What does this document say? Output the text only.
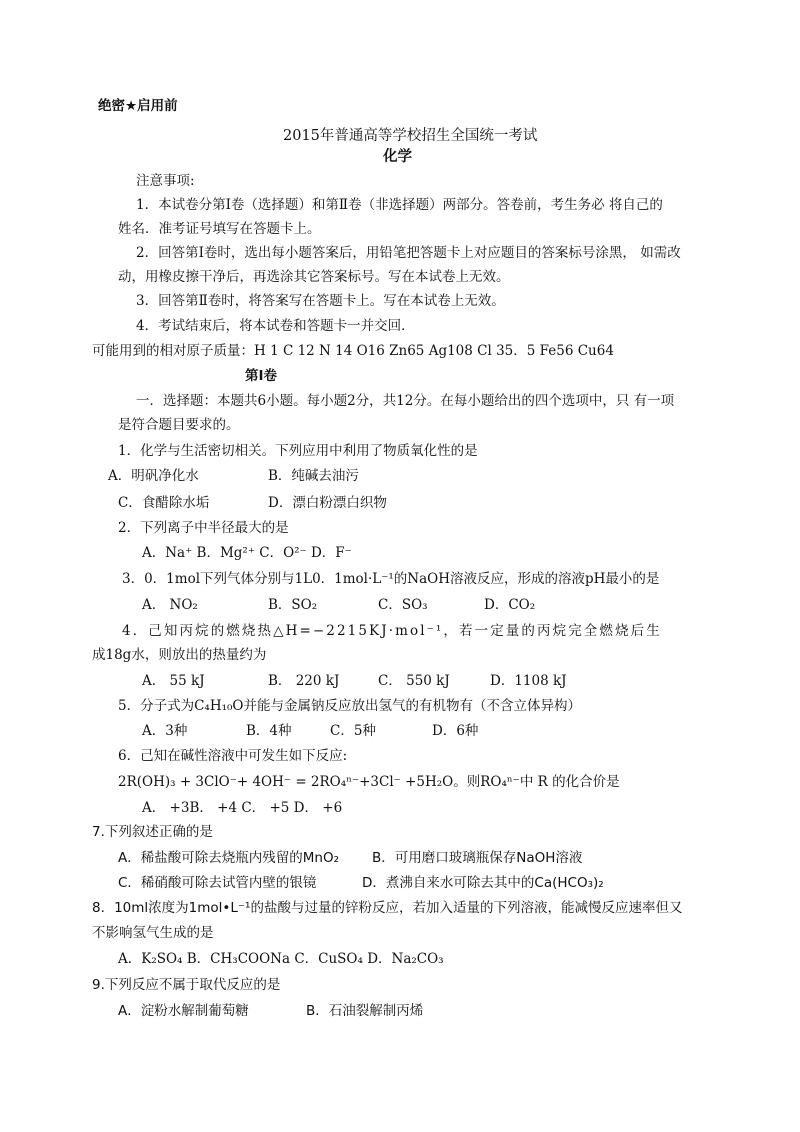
绝密★启用前
2015年普通高等学校招生全国统一考试
化学
注意事项:
1．本试卷分第Ⅰ卷（选择题）和第Ⅱ卷（非选择题）两部分。答卷前，考生务必 将自己的
姓名．准考证号填写在答题卡上。
2．回答第Ⅰ卷时，选出每小题答案后，用铅笔把答题卡上对应题目的答案标号涂黑， 如需改
动，用橡皮擦干净后，再选涂其它答案标号。写在本试卷上无效。
3．回答第Ⅱ卷时，将答案写在答题卡上。写在本试卷上无效。
4．考试结束后，将本试卷和答题卡一并交回．
可能用到的相对原子质量：H 1 C 12 N 14 O16 Zn65 Ag108 Cl 35．5 Fe56 Cu64
第Ⅰ卷
一．选择题：本题共6小题。每小题2分，共12分。在每小题给出的四个选项中，只 有一项
是符合题目要求的。
1．化学与生活密切相关。下列应用中利用了物质氧化性的是
A．明矾净化水	B．纯碱去油污
C．食醋除水垢	D．漂白粉漂白织物
2．下列离子中半径最大的是
A．Na⁺ B．Mg²⁺ C．O²⁻ D．F⁻
3．0．1mol下列气体分别与1L0．1mol·L⁻¹的NaOH溶液反应，形成的溶液pH最小的是
A． NO₂	B．SO₂	C．SO₃	D．CO₂
4．己知丙烷的燃烧热△H=−2215KJ·mol⁻¹，若一定量的丙烷完全燃烧后生
成18g水，则放出的热量约为
A． 55 kJ	B． 220 kJ	C． 550 kJ	D．1108 kJ
5．分子式为C₄H₁₀O并能与金属钠反应放出氢气的有机物有（不含立体异构）
A．3种	B．4种	C．5种	D．6种
6．己知在碱性溶液中可发生如下反应:
2R(OH)₃ + 3ClO⁻+ 4OH⁻ = 2RO₄ⁿ⁻+3Cl⁻ +5H₂O。则RO₄ⁿ⁻中 R 的化合价是
A． +3B． +4 C． +5 D． +6
7.下列叙述正确的是
A．稀盐酸可除去烧瓶内残留的MnO₂ B．可用磨口玻璃瓶保存NaOH溶液
C．稀硝酸可除去试管内壁的银镜	D．煮沸自来水可除去其中的Ca(HCO₃)₂
8．10ml浓度为1mol•L⁻¹的盐酸与过量的锌粉反应，若加入适量的下列溶液，能减慢反应速率但又
不影响氢气生成的是
A．K₂SO₄ B．CH₃COONa C．CuSO₄ D．Na₂CO₃
9.下列反应不属于取代反应的是
A．淀粉水解制葡萄糖	B．石油裂解制丙烯
